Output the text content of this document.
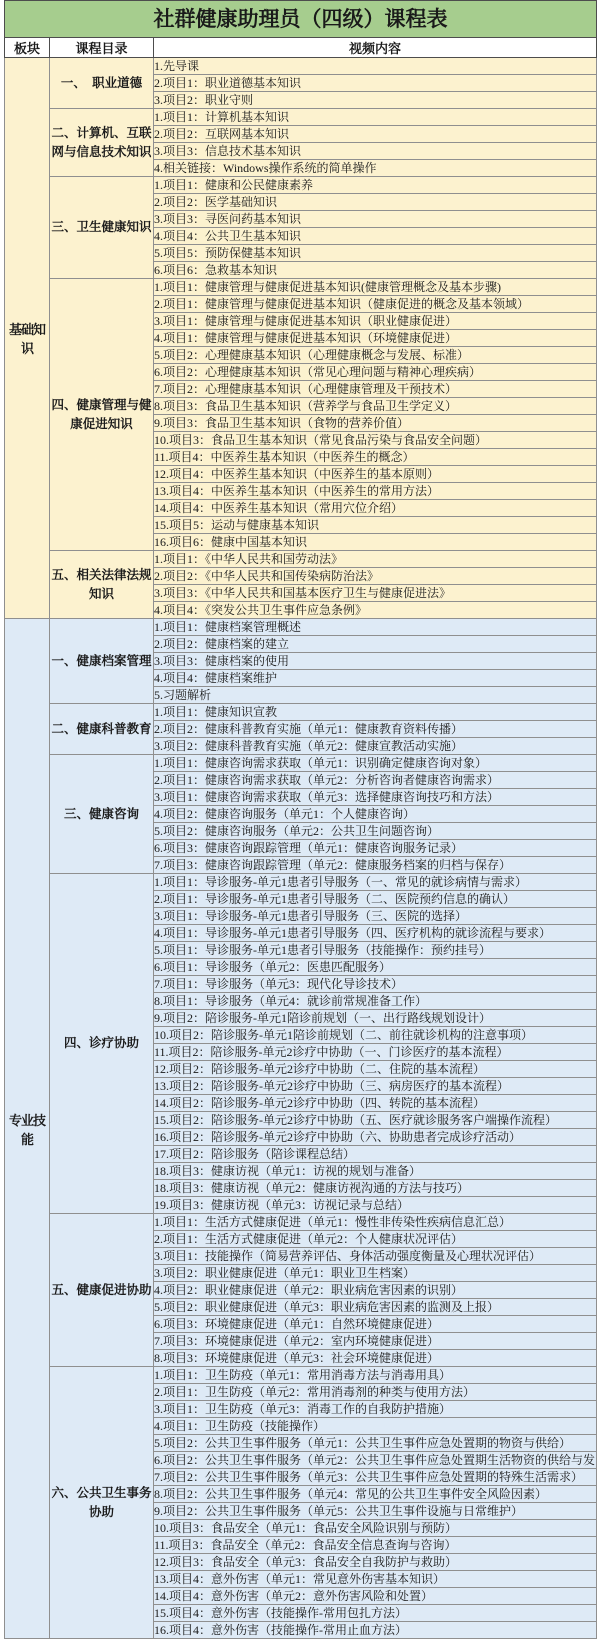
社群健康助理员（四级）课程表
板块	课程目录	视频内容
基础知识	一、　职业道德	1.先导课
		2.项目1：职业道德基本知识
		3.项目2：职业守则
	二、计算机、互联网与信息技术知识	1.项目1：计算机基本知识
		2.项目2：互联网基本知识
		3.项目3：信息技术基本知识
		4.相关链接：Windows操作系统的简单操作
	三、卫生健康知识	1.项目1：健康和公民健康素养
		2.项目2：医学基础知识
		3.项目3：寻医问药基本知识
		4.项目4：公共卫生基本知识
		5.项目5：预防保健基本知识
		6.项目6：急救基本知识
	四、健康管理与健康促进知识	1.项目1：健康管理与健康促进基本知识(健康管理概念及基本步骤)
		2.项目1：健康管理与健康促进基本知识（健康促进的概念及基本领域）
		3.项目1：健康管理与健康促进基本知识（职业健康促进）
		4.项目1：健康管理与健康促进基本知识（环境健康促进）
		5.项目2：心理健康基本知识（心理健康概念与发展、标准）
		6.项目2：心理健康基本知识（常见心理问题与精神心理疾病）
		7.项目2：心理健康基本知识（心理健康管理及干预技术）
		8.项目3：食品卫生基本知识（营养学与食品卫生学定义）
		9.项目3：食品卫生基本知识（食物的营养价值）
		10.项目3：食品卫生基本知识（常见食品污染与食品安全问题）
		11.项目4：中医养生基本知识（中医养生的概念）
		12.项目4：中医养生基本知识（中医养生的基本原则）
		13.项目4：中医养生基本知识（中医养生的常用方法）
		14.项目4：中医养生基本知识（常用穴位介绍）
		15.项目5：运动与健康基本知识
		16.项目6：健康中国基本知识
	五、相关法律法规知识	1.项目1：《中华人民共和国劳动法》
		2.项目2：《中华人民共和国传染病防治法》
		3.项目3：《中华人民共和国基本医疗卫生与健康促进法》
		4.项目4：《突发公共卫生事件应急条例》
专业技能	一、健康档案管理	1.项目1：健康档案管理概述
		2.项目2：健康档案的建立
		3.项目3：健康档案的使用
		4.项目4：健康档案维护
		5.习题解析
	二、健康科普教育	1.项目1：健康知识宣教
		2.项目2：健康科普教育实施（单元1：健康教育资料传播）
		3.项目2：健康科普教育实施（单元2：健康宣教活动实施）
	三、健康咨询	1.项目1：健康咨询需求获取（单元1：识别确定健康咨询对象）
		2.项目1：健康咨询需求获取（单元2：分析咨询者健康咨询需求）
		3.项目1：健康咨询需求获取（单元3：选择健康咨询技巧和方法）
		4.项目2：健康咨询服务（单元1：个人健康咨询）
		5.项目2：健康咨询服务（单元2：公共卫生问题咨询）
		6.项目3：健康咨询跟踪管理（单元1：健康咨询服务记录）
		7.项目3：健康咨询跟踪管理（单元2：健康服务档案的归档与保存）
	四、诊疗协助	1.项目1：导诊服务-单元1患者引导服务（一、常见的就诊病情与需求）
		2.项目1：导诊服务-单元1患者引导服务（二、医院预约信息的确认）
		3.项目1：导诊服务-单元1患者引导服务（三、医院的选择）
		4.项目1：导诊服务-单元1患者引导服务（四、医疗机构的就诊流程与要求）
		5.项目1：导诊服务-单元1患者引导服务（技能操作：预约挂号）
		6.项目1：导诊服务（单元2：医患匹配服务）
		7.项目1：导诊服务（单元3：现代化导诊技术）
		8.项目1：导诊服务（单元4：就诊前常规准备工作）
		9.项目2：陪诊服务-单元1陪诊前规划（一、出行路线规划设计）
		10.项目2：陪诊服务-单元1陪诊前规划（二、前往就诊机构的注意事项）
		11.项目2：陪诊服务-单元2诊疗中协助（一、门诊医疗的基本流程）
		12.项目2：陪诊服务-单元2诊疗中协助（二、住院的基本流程）
		13.项目2：陪诊服务-单元2诊疗中协助（三、病房医疗的基本流程）
		14.项目2：陪诊服务-单元2诊疗中协助（四、转院的基本流程）
		15.项目2：陪诊服务-单元2诊疗中协助（五、医疗就诊服务客户端操作流程）
		16.项目2：陪诊服务-单元2诊疗中协助（六、协助患者完成诊疗活动）
		17.项目2：陪诊服务（陪诊课程总结）
		18.项目3：健康访视（单元1：访视的规划与准备）
		18.项目3：健康访视（单元2：健康访视沟通的方法与技巧）
		19.项目3：健康访视（单元3：访视记录与总结）
	五、健康促进协助	1.项目1：生活方式健康促进（单元1：慢性非传染性疾病信息汇总）
		2.项目1：生活方式健康促进（单元2：个人健康状况评估）
		3.项目1：技能操作（简易营养评估、身体活动强度衡量及心理状况评估）
		3.项目2：职业健康促进（单元1：职业卫生档案）
		4.项目2：职业健康促进（单元2：职业病危害因素的识别）
		5.项目2：职业健康促进（单元3：职业病危害因素的监测及上报）
		6.项目3：环境健康促进（单元1：自然环境健康促进）
		7.项目3：环境健康促进（单元2：室内环境健康促进）
		8.项目3：环境健康促进（单元3：社会环境健康促进）
	六、公共卫生事务协助	1.项目1：卫生防疫（单元1：常用消毒方法与消毒用具）
		2.项目1：卫生防疫（单元2：常用消毒剂的种类与使用方法）
		3.项目1：卫生防疫（单元3：消毒工作的自我防护措施）
		4.项目1：卫生防疫（技能操作）
		5.项目2：公共卫生事件服务（单元1：公共卫生事件应急处置期的物资与供给）
		6.项目2：公共卫生事件服务（单元2：公共卫生事件应急处置期生活物资的供给与发
		7.项目2：公共卫生事件服务（单元3：公共卫生事件应急处置期的特殊生活需求）
		8.项目2：公共卫生事件服务（单元4：常见的公共卫生事件安全风险因素）
		9.项目2：公共卫生事件服务（单元5：公共卫生事件设施与日常维护）
		10.项目3：食品安全（单元1：食品安全风险识别与预防）
		11.项目3：食品安全（单元2：食品安全信息查询与咨询）
		12.项目3：食品安全（单元3：食品安全自我防护与救助）
		13.项目4：意外伤害（单元1：常见意外伤害基本知识）
		14.项目4：意外伤害（单元2：意外伤害风险和处置）
		15.项目4：意外伤害（技能操作-常用包扎方法）
		16.项目4：意外伤害（技能操作-常用止血方法）
